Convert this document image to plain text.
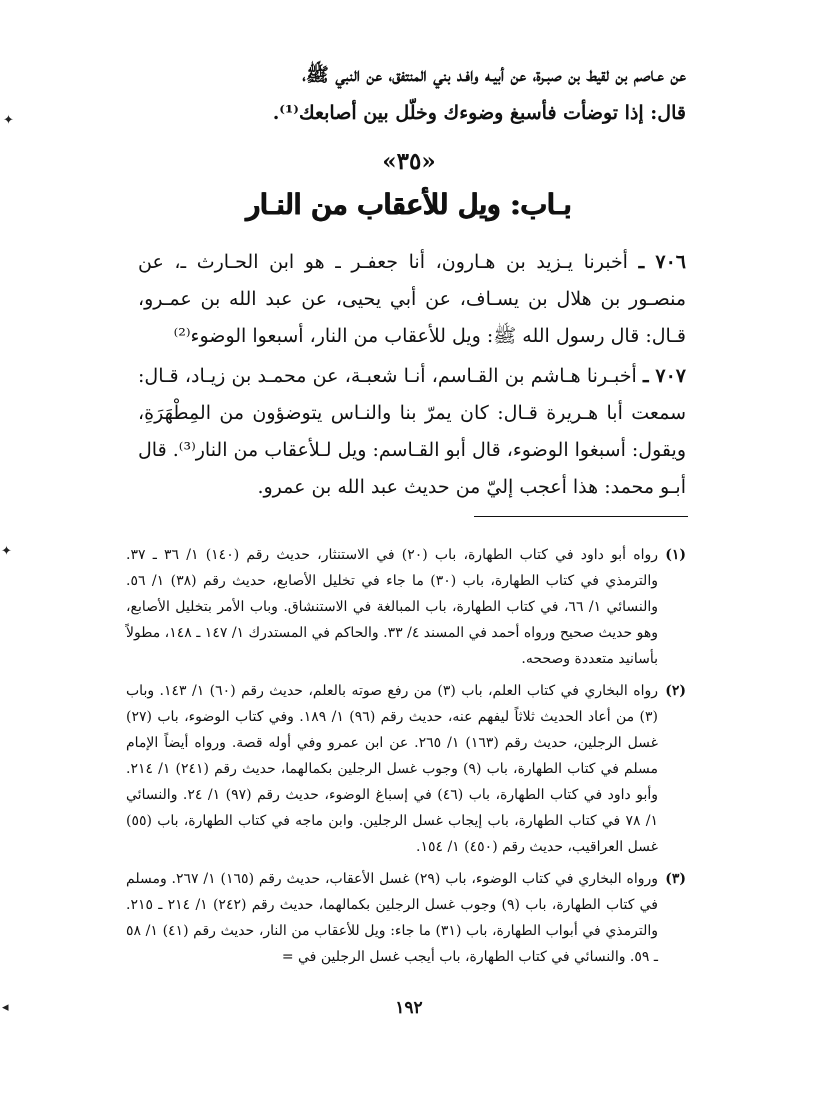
✦
✦
◂

عن عـاصم بن لقيط بن صبـرة، عن أبيـه وافـد بني المنتفق، عن النبي ﷺ،

قال: إذا توضأت فأسبغ وضوءك وخلّل بين أصابعك⁽¹⁾.

«٣٥»
بـاب: ويل للأعقاب من النـار

٧٠٦ ـ أخبرنا يـزيد بن هـارون، أنا جعفـر ـ هو ابن الحـارث ـ، عن منصـور بن هلال بن يسـاف، عن أبي يحيى، عن عبد الله بن عمـرو، قـال: قال رسول الله ﷺ: ويل للأعقاب من النار، أسبعوا الوضوء⁽²⁾

٧٠٧ ـ أخبـرنا هـاشم بن القـاسم، أنـا شعبـة، عن محمـد بن زيـاد، قـال: سمعت أبا هـريرة قـال: كان يمرّ بنا والنـاس يتوضؤون من المِطْهَرَةِ، ويقول: أسبغوا الوضوء، قال أبو القـاسم: ويل لـلأعقاب من النار⁽³⁾. قال أبـو محمد: هذا أعجب إليّ من حديث عبد الله بن عمرو.

(١)
رواه أبو داود في كتاب الطهارة، باب (٢٠) في الاستنثار، حديث رقم (١٤٠) ١/ ٣٦ ـ ٣٧. والترمذي في كتاب الطهارة، باب (٣٠) ما جاء في تخليل الأصابع، حديث رقم (٣٨) ١/ ٥٦. والنسائي ١/ ٦٦، في كتاب الطهارة، باب المبالغة في الاستنشاق. وباب الأمر بتخليل الأصابع، وهو حديث صحيح ورواه أحمد في المسند ٤/ ٣٣. والحاكم في المستدرك ١/ ١٤٧ ـ ١٤٨، مطولاً بأسانيد متعددة وصححه.
(٢)
رواه البخاري في كتاب العلم، باب (٣) من رفع صوته بالعلم، حديث رقم (٦٠) ١/ ١٤٣. وباب (٣) من أعاد الحديث ثلاثاً ليفهم عنه، حديث رقم (٩٦) ١/ ١٨٩. وفي كتاب الوضوء، باب (٢٧) غسل الرجلين، حديث رقم (١٦٣) ١/ ٢٦٥. عن ابن عمرو وفي أوله قصة. ورواه أيضاً الإمام مسلم في كتاب الطهارة، باب (٩) وجوب غسل الرجلين بكمالهما، حديث رقم (٢٤١) ١/ ٢١٤. وأبو داود في كتاب الطهارة، باب (٤٦) في إسباغ الوضوء، حديث رقم (٩٧) ١/ ٢٤. والنسائي ١/ ٧٨ في كتاب الطهارة، باب إيجاب غسل الرجلين. وابن ماجه في كتاب الطهارة، باب (٥٥) غسل العراقيب، حديث رقم (٤٥٠) ١/ ١٥٤.
(٣)
ورواه البخاري في كتاب الوضوء، باب (٢٩) غسل الأعقاب، حديث رقم (١٦٥) ١/ ٢٦٧. ومسلم في كتاب الطهارة، باب (٩) وجوب غسل الرجلين بكمالهما، حديث رقم (٢٤٢) ١/ ٢١٤ ـ ٢١٥. والترمذي في أبواب الطهارة، باب (٣١) ما جاء: ويل للأعقاب من النار، حديث رقم (٤١) ١/ ٥٨ ـ ٥٩. والنسائي في كتاب الطهارة، باب أيجب غسل الرجلين في =
١٩٢
